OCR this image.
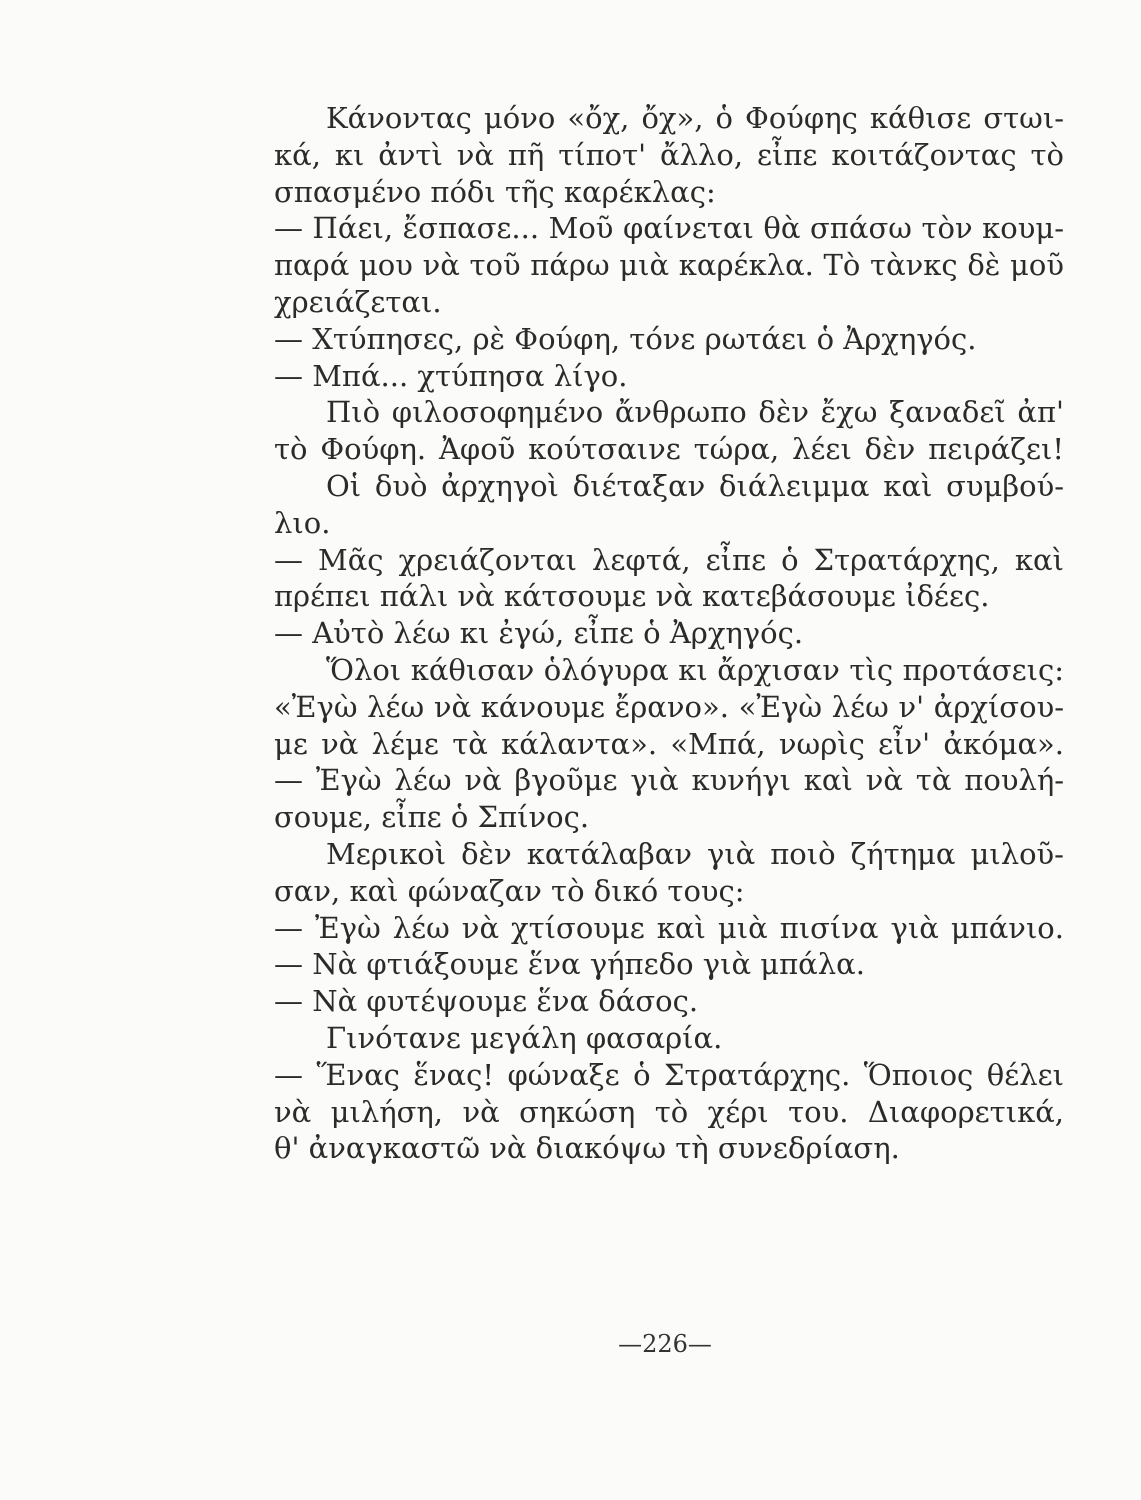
Κάνοντας μόνο «ὄχ, ὄχ», ὁ Φούφης κάθισε στωι-
κά, κι ἀντὶ νὰ πῆ τίποτ' ἄλλο, εἶπε κοιτάζοντας τὸ
σπασμένο πόδι τῆς καρέκλας:
— Πάει, ἔσπασε... Μοῦ φαίνεται θὰ σπάσω τὸν κουμ-
παρά μου νὰ τοῦ πάρω μιὰ καρέκλα. Τὸ τὰνκς δὲ μοῦ
χρειάζεται.
— Χτύπησες, ρὲ Φούφη, τόνε ρωτάει ὁ Ἀρχηγός.
— Μπά... χτύπησα λίγο.
Πιὸ φιλοσοφημένο ἄνθρωπο δὲν ἔχω ξαναδεῖ ἀπ'
τὸ Φούφη. Ἀφοῦ κούτσαινε τώρα, λέει δὲν πειράζει!
Οἱ δυὸ ἀρχηγοὶ διέταξαν διάλειμμα καὶ συμβού-
λιο.
— Μᾶς χρειάζονται λεφτά, εἶπε ὁ Στρατάρχης, καὶ
πρέπει πάλι νὰ κάτσουμε νὰ κατεβάσουμε ἰδέες.
— Αὐτὸ λέω κι ἐγώ, εἶπε ὁ Ἀρχηγός.
Ὅλοι κάθισαν ὁλόγυρα κι ἄρχισαν τὶς προτάσεις:
«Ἐγὼ λέω νὰ κάνουμε ἔρανο». «Ἐγὼ λέω ν' ἀρχίσου-
με νὰ λέμε τὰ κάλαντα». «Μπά, νωρὶς εἶν' ἀκόμα».
— Ἐγὼ λέω νὰ βγοῦμε γιὰ κυνήγι καὶ νὰ τὰ πουλή-
σουμε, εἶπε ὁ Σπίνος.
Μερικοὶ δὲν κατάλαβαν γιὰ ποιὸ ζήτημα μιλοῦ-
σαν, καὶ φώναζαν τὸ δικό τους:
— Ἐγὼ λέω νὰ χτίσουμε καὶ μιὰ πισίνα γιὰ μπάνιο.
— Νὰ φτιάξουμε ἕνα γήπεδο γιὰ μπάλα.
— Νὰ φυτέψουμε ἕνα δάσος.
Γινότανε μεγάλη φασαρία.
— Ἕνας ἕνας! φώναξε ὁ Στρατάρχης. Ὅποιος θέλει
νὰ μιλήση, νὰ σηκώση τὸ χέρι του. Διαφορετικά,
θ' ἀναγκαστῶ νὰ διακόψω τὴ συνεδρίαση.
—226—
